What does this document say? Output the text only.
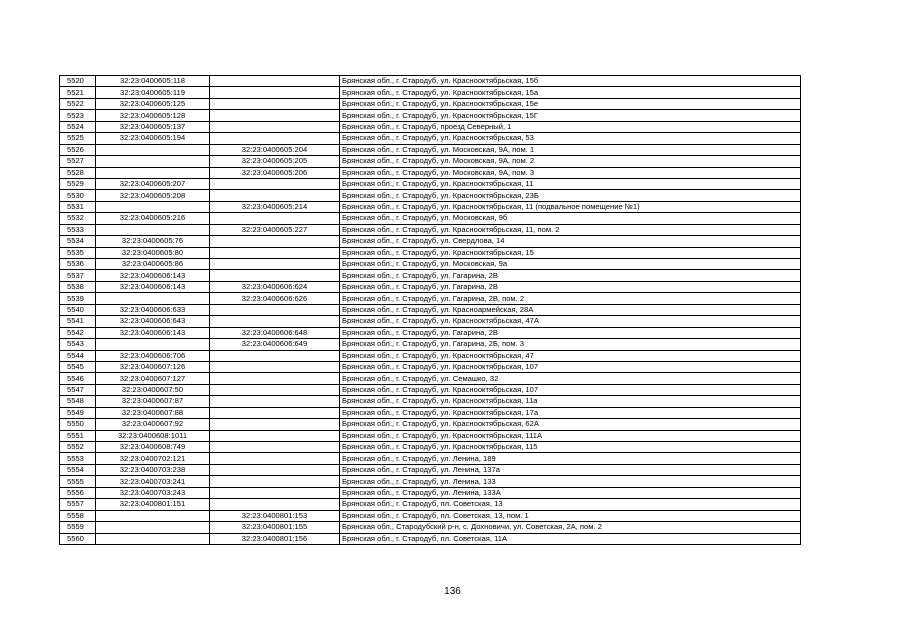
5520	32:23:0400605:118		Брянская обл., г. Стародуб, ул. Краснооктябрьская, 15б
5521	32:23:0400605:119		Брянская обл., г. Стародуб, ул. Краснооктябрьская, 15а
5522	32:23:0400605:125		Брянская обл., г. Стародуб, ул. Краснооктябрьская, 15е
5523	32:23:0400605:128		Брянская обл., г. Стародуб, ул. Краснооктябрьская, 15Г
5524	32:23:0400605:137		Брянская обл., г. Стародуб, проезд Северный, 1
5525	32:23:0400605:194		Брянская обл., г. Стародуб, ул. Краснооктябрьская, 53
5526		32:23:0400605:204	Брянская обл., г. Стародуб, ул. Московская, 9А, пом. 1
5527		32:23:0400605:205	Брянская обл., г. Стародуб, ул. Московская, 9А, пом. 2
5528		32:23:0400605:206	Брянская обл., г. Стародуб, ул. Московская, 9А, пом. 3
5529	32:23:0400605:207		Брянская обл., г. Стародуб, ул. Краснооктябрьская, 11
5530	32:23:0400605:208		Брянская обл., г. Стародуб, ул. Краснооктябрьская, 23Б
5531		32:23:0400605:214	Брянская обл., г. Стародуб, ул. Краснооктябрьская, 11 (подвальное помещение №1)
5532	32:23:0400605:216		Брянская обл., г. Стародуб, ул. Московская, 9б
5533		32:23:0400605:227	Брянская обл., г. Стародуб, ул. Краснооктябрьская, 11, пом. 2
5534	32:23:0400605:76		Брянская обл., г. Стародуб, ул. Свердлова, 14
5535	32:23:0400605:80		Брянская обл., г. Стародуб, ул. Краснооктябрьская, 15
5536	32:23:0400605:86		Брянская обл., г. Стародуб, ул. Московская, 9а
5537	32:23:0400606:143		Брянская обл., г. Стародуб, ул. Гагарина, 2В
5538	32:23:0400606:143	32:23:0400606:624	Брянская обл., г. Стародуб, ул. Гагарина, 2В
5539		32:23:0400606:626	Брянская обл., г. Стародуб, ул. Гагарина, 2В, пом. 2
5540	32:23:0400606:633		Брянская обл., г. Стародуб, ул. Красноармейская, 28А
5541	32:23:0400606:643		Брянская обл., г. Стародуб, ул. Краснооктябрьская, 47А
5542	32:23:0400606:143	32:23:0400606:648	Брянская обл., г. Стародуб, ул. Гагарина, 2В
5543		32:23:0400606:649	Брянская обл., г. Стародуб, ул. Гагарина, 2Б, пом. 3
5544	32:23:0400606:706		Брянская обл., г. Стародуб, ул. Краснооктябрьская, 47
5545	32:23:0400607:126		Брянская обл., г. Стародуб, ул. Краснооктябрьская, 107
5546	32:23:0400607:127		Брянская обл., г. Стародуб, ул. Семашко, 32
5547	32:23:0400607:50		Брянская обл., г. Стародуб, ул. Краснооктябрьская, 107
5548	32:23:0400607:87		Брянская обл., г. Стародуб, ул. Краснооктябрьская, 11а
5549	32:23:0400607:88		Брянская обл., г. Стародуб, ул. Краснооктябрьская, 17а
5550	32:23:0400607:92		Брянская обл., г. Стародуб, ул. Краснооктябрьская, 62А
5551	32:23:0400608:1011		Брянская обл., г. Стародуб, ул. Краснооктябрьская, 111А
5552	32:23:0400608:749		Брянская обл., г. Стародуб, ул. Краснооктябрьская, 115
5553	32:23:0400702:121		Брянская обл., г. Стародуб, ул. Ленина, 189
5554	32:23:0400703:238		Брянская обл., г. Стародуб, ул. Ленина, 137а
5555	32:23:0400703:241		Брянская обл., г. Стародуб, ул. Ленина, 133
5556	32:23:0400703:243		Брянская обл., г. Стародуб, ул. Ленина, 133А
5557	32:23:0400801:151		Брянская обл., г. Стародуб, пл. Советская, 13
5558		32:23:0400801:153	Брянская обл., г. Стародуб, пл. Советская, 13, пом. 1
5559		32:23:0400801:155	Брянская обл., Стародубский р-н, с. Дохновичи, ул. Советская, 2А, пом. 2
5560		32:23:0400801:156	Брянская обл., г. Стародуб, пл. Советская, 11А
136
